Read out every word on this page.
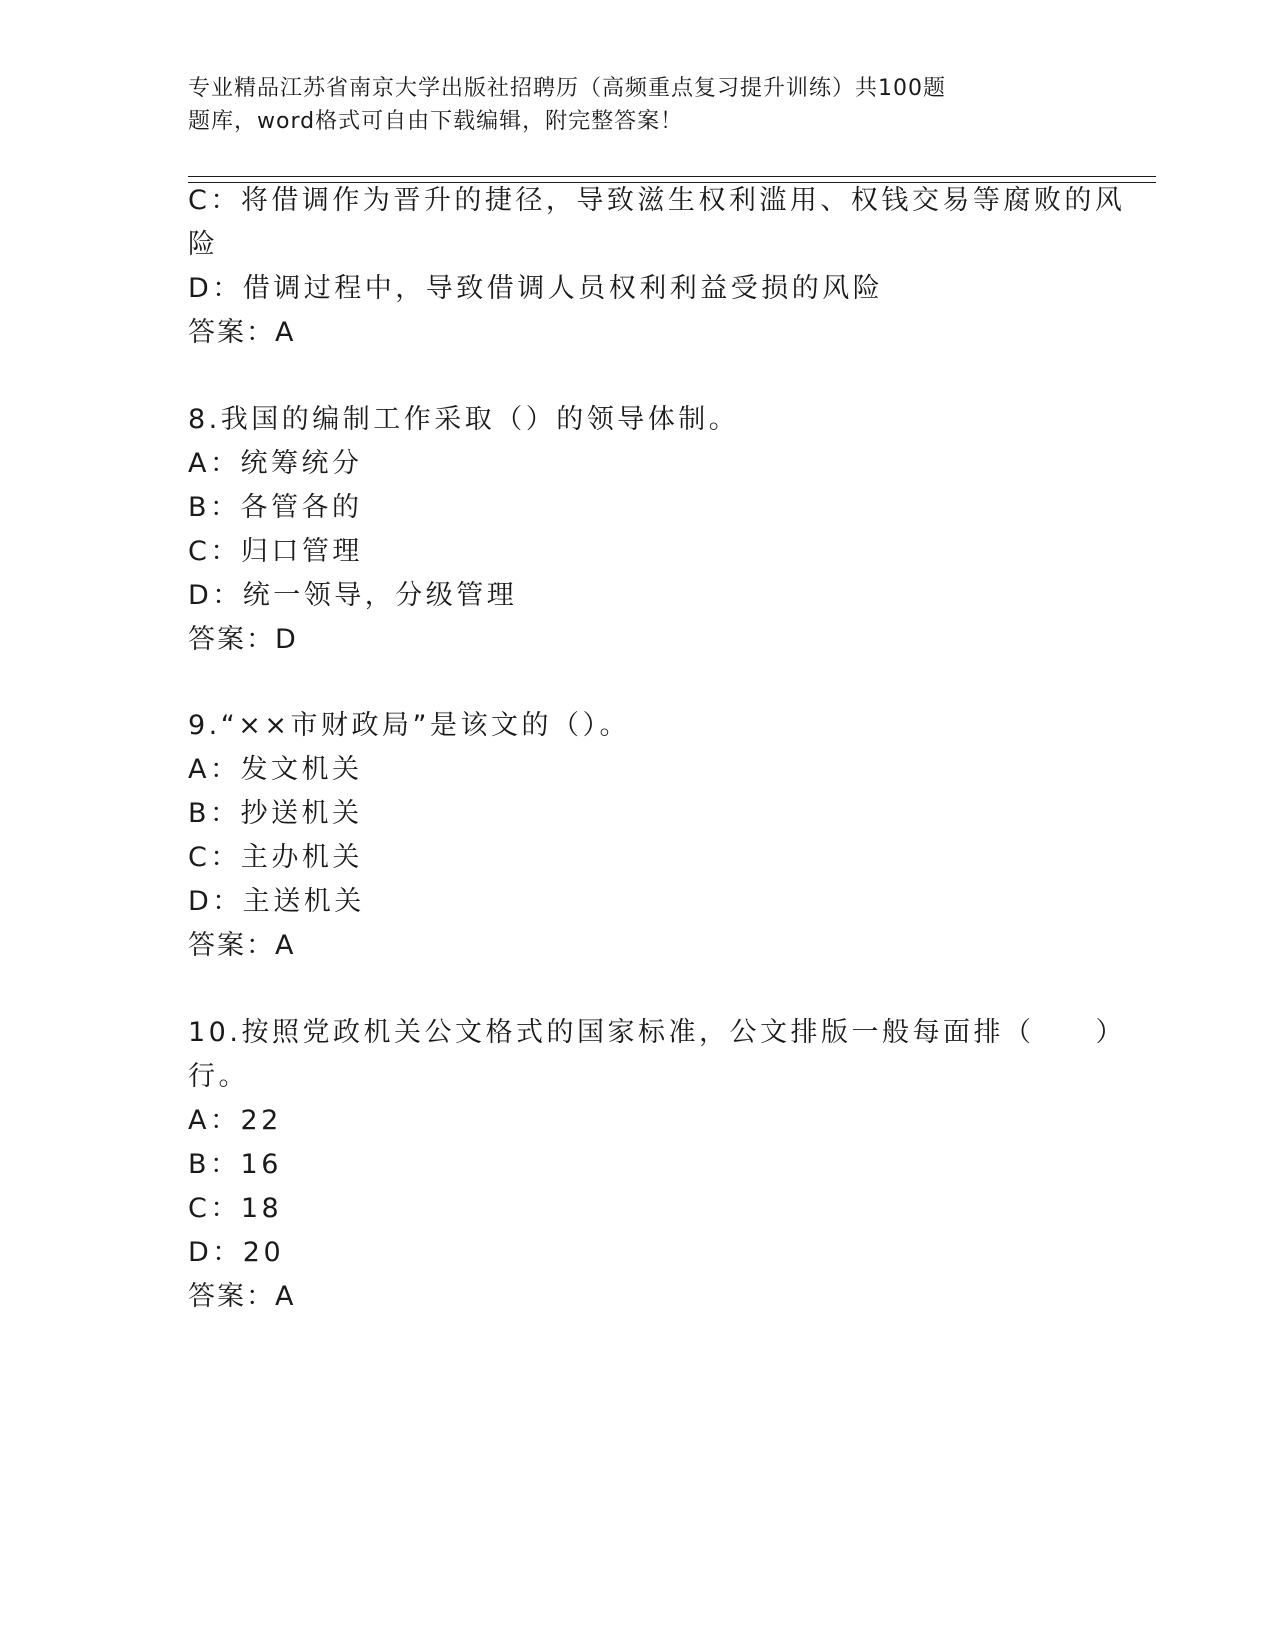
专业精品江苏省南京大学出版社招聘历（高频重点复习提升训练）共100题
题库，word格式可自由下载编辑，附完整答案！
C：将借调作为晋升的捷径，导致滋生权利滥用、权钱交易等腐败的风
险
D：借调过程中，导致借调人员权利利益受损的风险
答案：A
8.我国的编制工作采取（）的领导体制。
A：统筹统分
B：各管各的
C：归口管理
D：统一领导，分级管理
答案：D
9.“××市财政局”是该文的（）。
A：发文机关
B：抄送机关
C：主办机关
D：主送机关
答案：A
10.按照党政机关公文格式的国家标准，公文排版一般每面排（　　）
行。
A：22
B：16
C：18
D：20
答案：A
